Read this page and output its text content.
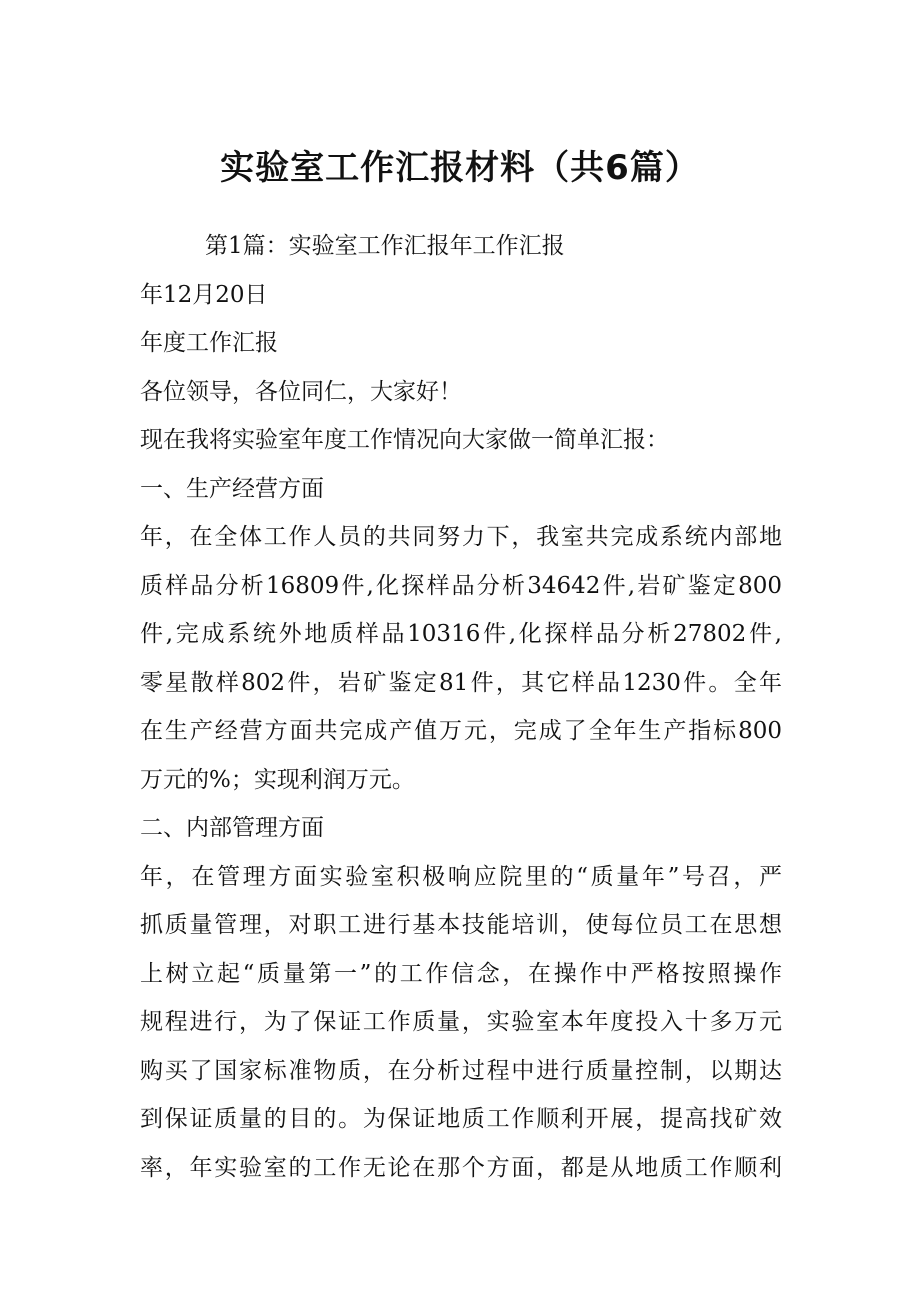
实验室工作汇报材料（共6篇）
第1篇：实验室工作汇报年工作汇报
年12月20日
年度工作汇报
各位领导，各位同仁，大家好！
现在我将实验室年度工作情况向大家做一简单汇报：
一、生产经营方面
年，在全体工作人员的共同努力下，我室共完成系统内部地
质样品分析16809件,化探样品分析34642件,岩矿鉴定800
件,完成系统外地质样品10316件,化探样品分析27802件,
零星散样802件，岩矿鉴定81件，其它样品1230件。全年
在生产经营方面共完成产值万元，完成了全年生产指标800
万元的%；实现利润万元。
二、内部管理方面
年，在管理方面实验室积极响应院里的“质量年”号召，严
抓质量管理，对职工进行基本技能培训，使每位员工在思想
上树立起“质量第一”的工作信念，在操作中严格按照操作
规程进行，为了保证工作质量，实验室本年度投入十多万元
购买了国家标准物质，在分析过程中进行质量控制，以期达
到保证质量的目的。为保证地质工作顺利开展，提高找矿效
率，年实验室的工作无论在那个方面，都是从地质工作顺利
